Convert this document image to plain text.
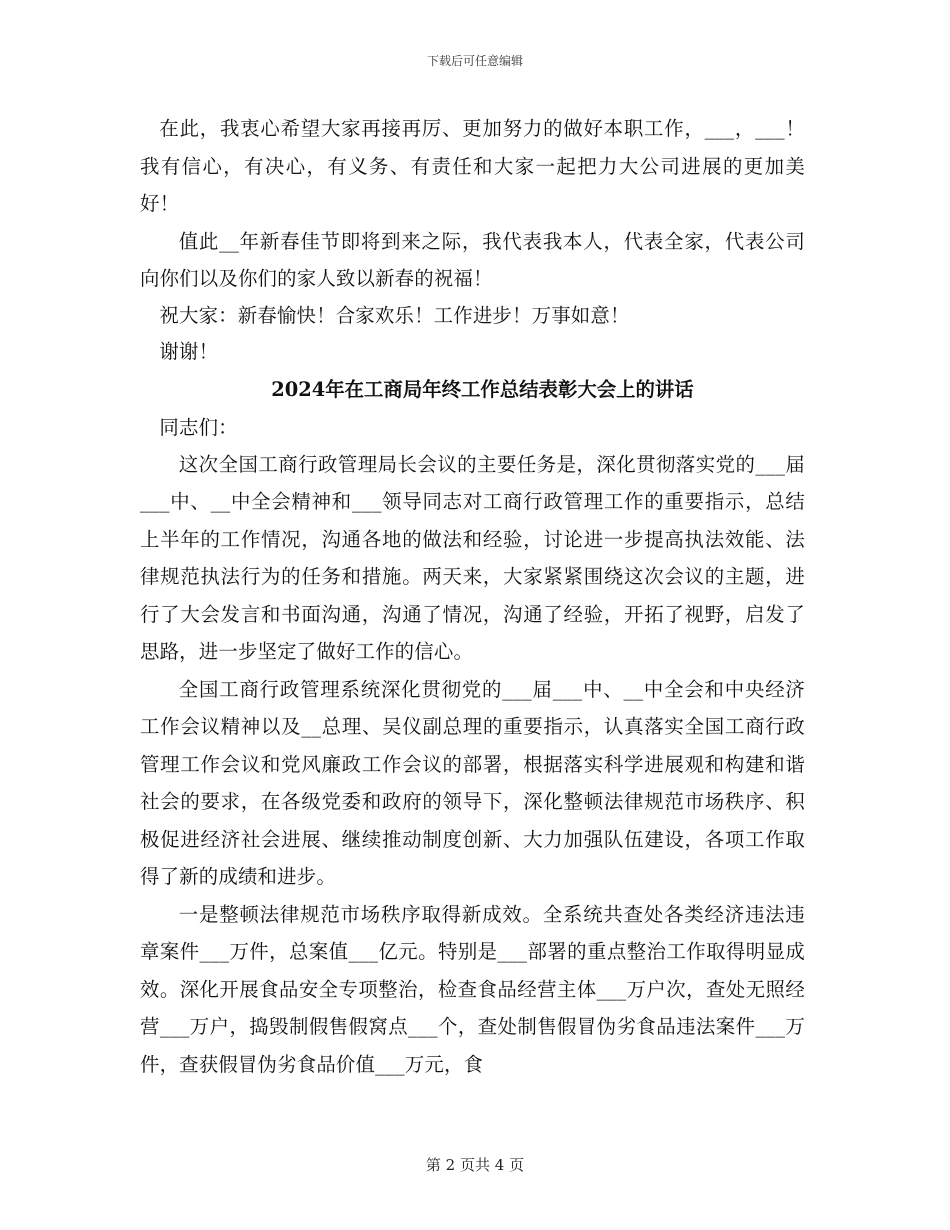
下载后可任意编辑

在此，我衷心希望大家再接再厉、更加努力的做好本职工作，___，___！我有信心，有决心，有义务、有责任和大家一起把力大公司进展的更加美好！

值此__年新春佳节即将到来之际，我代表我本人，代表全家，代表公司向你们以及你们的家人致以新春的祝福！

祝大家：新春愉快！合家欢乐！工作进步！万事如意！

谢谢！

2024年在工商局年终工作总结表彰大会上的讲话

同志们：

这次全国工商行政管理局长会议的主要任务是，深化贯彻落实党的___届___中、__中全会精神和___领导同志对工商行政管理工作的重要指示，总结上半年的工作情况，沟通各地的做法和经验，讨论进一步提高执法效能、法律规范执法行为的任务和措施。两天来，大家紧紧围绕这次会议的主题，进行了大会发言和书面沟通，沟通了情况，沟通了经验，开拓了视野，启发了思路，进一步坚定了做好工作的信心。

全国工商行政管理系统深化贯彻党的___届___中、__中全会和中央经济工作会议精神以及__总理、吴仪副总理的重要指示，认真落实全国工商行政管理工作会议和党风廉政工作会议的部署，根据落实科学进展观和构建和谐社会的要求，在各级党委和政府的领导下，深化整顿法律规范市场秩序、积极促进经济社会进展、继续推动制度创新、大力加强队伍建设，各项工作取得了新的成绩和进步。

一是整顿法律规范市场秩序取得新成效。全系统共查处各类经济违法违章案件___万件，总案值___亿元。特别是___部署的重点整治工作取得明显成效。深化开展食品安全专项整治，检查食品经营主体___万户次，查处无照经营___万户，捣毁制假售假窝点___个，查处制售假冒伪劣食品违法案件___万件，查获假冒伪劣食品价值___万元，食

第 2 页共 4 页
